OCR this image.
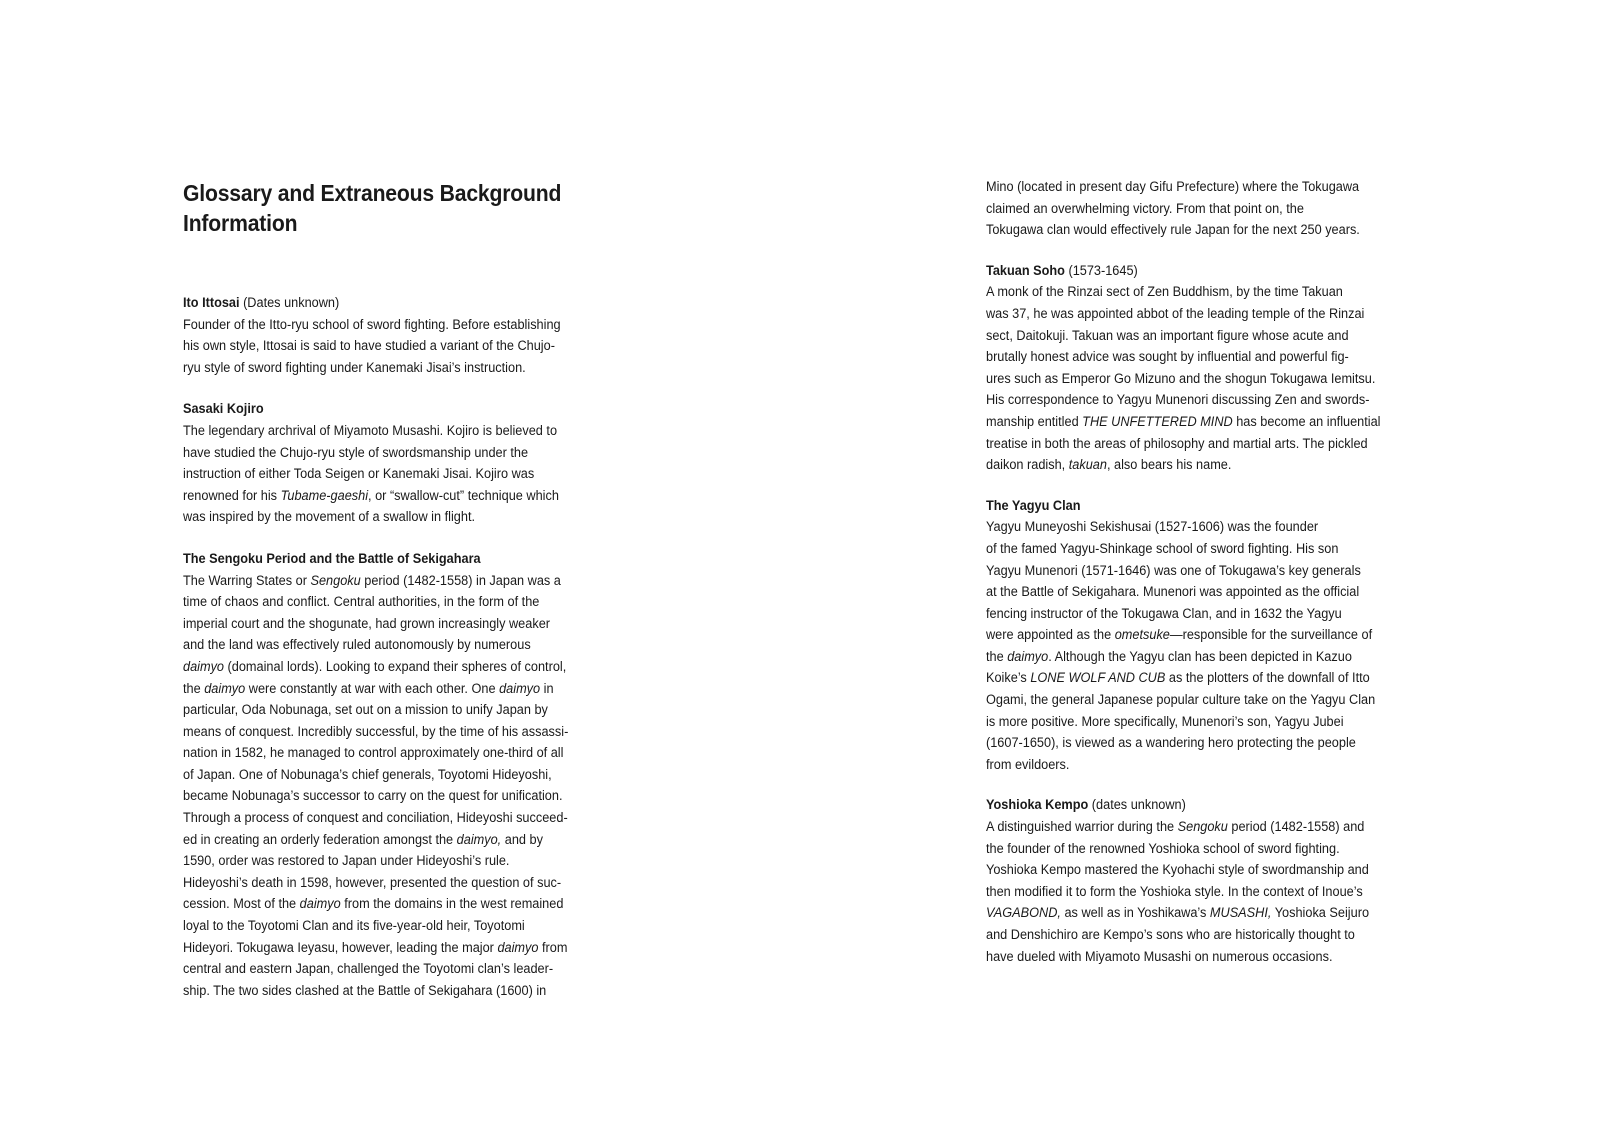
Glossary and Extraneous Background
Information

Ito Ittosai (Dates unknown)

Founder of the Itto-ryu school of sword fighting. Before establishing
his own style, Ittosai is said to have studied a variant of the Chujo-
ryu style of sword fighting under Kanemaki Jisai’s instruction.

Sasaki Kojiro

The legendary archrival of Miyamoto Musashi. Kojiro is believed to
have studied the Chujo-ryu style of swordsmanship under the
instruction of either Toda Seigen or Kanemaki Jisai. Kojiro was
renowned for his Tubame-gaeshi, or “swallow-cut” technique which
was inspired by the movement of a swallow in flight.

The Sengoku Period and the Battle of Sekigahara

The Warring States or Sengoku period (1482-1558) in Japan was a
time of chaos and conflict. Central authorities, in the form of the
imperial court and the shogunate, had grown increasingly weaker
and the land was effectively ruled autonomously by numerous
daimyo (domainal lords). Looking to expand their spheres of control,
the daimyo were constantly at war with each other. One daimyo in
particular, Oda Nobunaga, set out on a mission to unify Japan by
means of conquest. Incredibly successful, by the time of his assassi-
nation in 1582, he managed to control approximately one-third of all
of Japan. One of Nobunaga’s chief generals, Toyotomi Hideyoshi,
became Nobunaga’s successor to carry on the quest for unification.
Through a process of conquest and conciliation, Hideyoshi succeed-
ed in creating an orderly federation amongst the daimyo, and by
1590, order was restored to Japan under Hideyoshi’s rule.
Hideyoshi’s death in 1598, however, presented the question of suc-
cession. Most of the daimyo from the domains in the west remained
loyal to the Toyotomi Clan and its five-year-old heir, Toyotomi
Hideyori. Tokugawa Ieyasu, however, leading the major daimyo from
central and eastern Japan, challenged the Toyotomi clan’s leader-
ship. The two sides clashed at the Battle of Sekigahara (1600) in

Mino (located in present day Gifu Prefecture) where the Tokugawa
claimed an overwhelming victory. From that point on, the
Tokugawa clan would effectively rule Japan for the next 250 years.

Takuan Soho (1573-1645)

A monk of the Rinzai sect of Zen Buddhism, by the time Takuan
was 37, he was appointed abbot of the leading temple of the Rinzai
sect, Daitokuji. Takuan was an important figure whose acute and
brutally honest advice was sought by influential and powerful fig-
ures such as Emperor Go Mizuno and the shogun Tokugawa Iemitsu.
His correspondence to Yagyu Munenori discussing Zen and swords-
manship entitled THE UNFETTERED MIND has become an influential
treatise in both the areas of philosophy and martial arts. The pickled
daikon radish, takuan, also bears his name.

The Yagyu Clan

Yagyu Muneyoshi Sekishusai (1527-1606) was the founder
of the famed Yagyu-Shinkage school of sword fighting. His son
Yagyu Munenori (1571-1646) was one of Tokugawa’s key generals
at the Battle of Sekigahara. Munenori was appointed as the official
fencing instructor of the Tokugawa Clan, and in 1632 the Yagyu
were appointed as the ometsuke—responsible for the surveillance of
the daimyo. Although the Yagyu clan has been depicted in Kazuo
Koike’s LONE WOLF AND CUB as the plotters of the downfall of Itto
Ogami, the general Japanese popular culture take on the Yagyu Clan
is more positive. More specifically, Munenori’s son, Yagyu Jubei
(1607-1650), is viewed as a wandering hero protecting the people
from evildoers.

Yoshioka Kempo (dates unknown)

A distinguished warrior during the Sengoku period (1482-1558) and
the founder of the renowned Yoshioka school of sword fighting.
Yoshioka Kempo mastered the Kyohachi style of swordmanship and
then modified it to form the Yoshioka style. In the context of Inoue’s
VAGABOND, as well as in Yoshikawa’s MUSASHI, Yoshioka Seijuro
and Denshichiro are Kempo’s sons who are historically thought to
have dueled with Miyamoto Musashi on numerous occasions.
